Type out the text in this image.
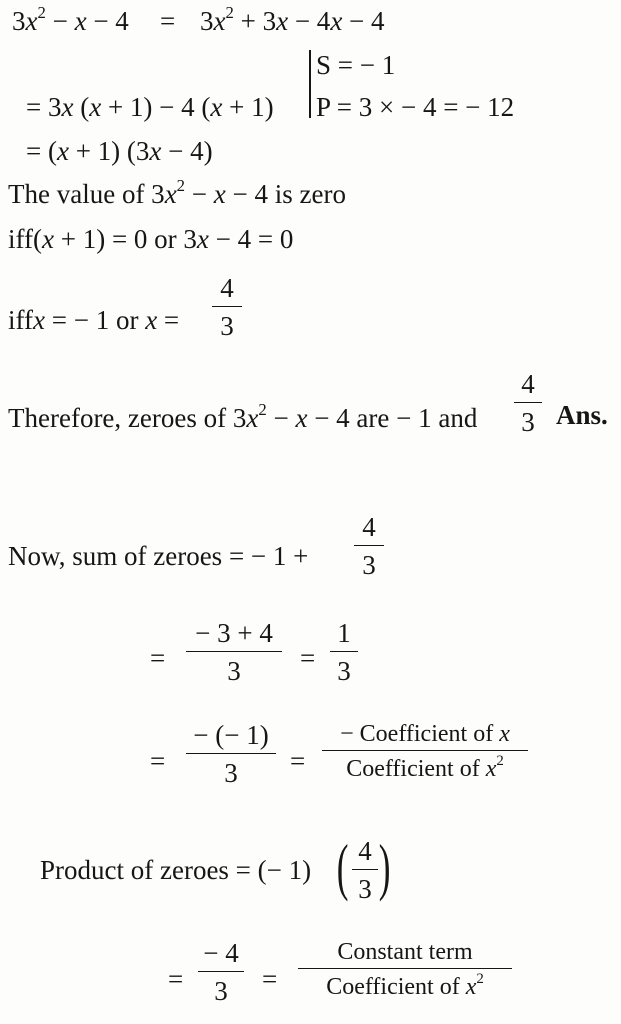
$3x^2 - x - 4 = 3x^2 + 3x - 4x - 4$
S = − 1
= 3x (x + 1) − 4 (x + 1) P = 3 × − 4 = − 12
= (x + 1) (3x − 4)
The value of $3x^2 - x - 4$ is zero
iff(x + 1) = 0 or 3x − 4 = 0
iffx = − 1 or x =
4
3
Therefore, zeroes of $3x^2 - x - 4$ are − 1 and
4
3 Ans.
Now, sum of zeroes = − 1 +
4
3
=
− 3 + 4
3	=
1
3
=
− (− 1)
3	=
− Coefficient of x
Coefficient of $x^2$
Product of zeroes = (− 1) ( 4
3 )
=
− 4
3	=
Constant term
Coefficient of $x^2$
